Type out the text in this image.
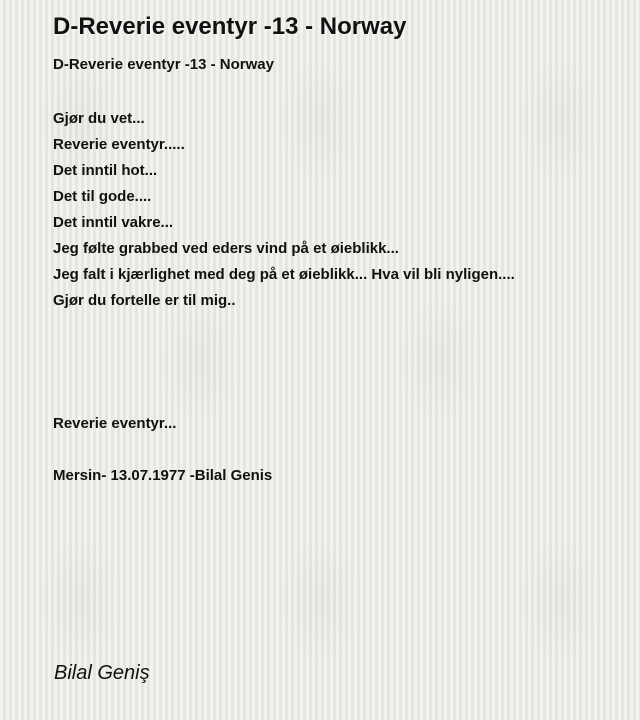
D-Reverie eventyr -13 - Norway
D-Reverie eventyr -13 - Norway
Gjør du vet...
Reverie eventyr.....
Det inntil hot...
Det til gode....
Det inntil vakre...
Jeg følte grabbed ved eders vind på et øieblikk...
Jeg falt i kjærlighet med deg på et øieblikk... Hva vil bli nyligen....
Gjør du fortelle er til mig..
Reverie eventyr...
Mersin- 13.07.1977 -Bilal Genis
Bilal Geniş
